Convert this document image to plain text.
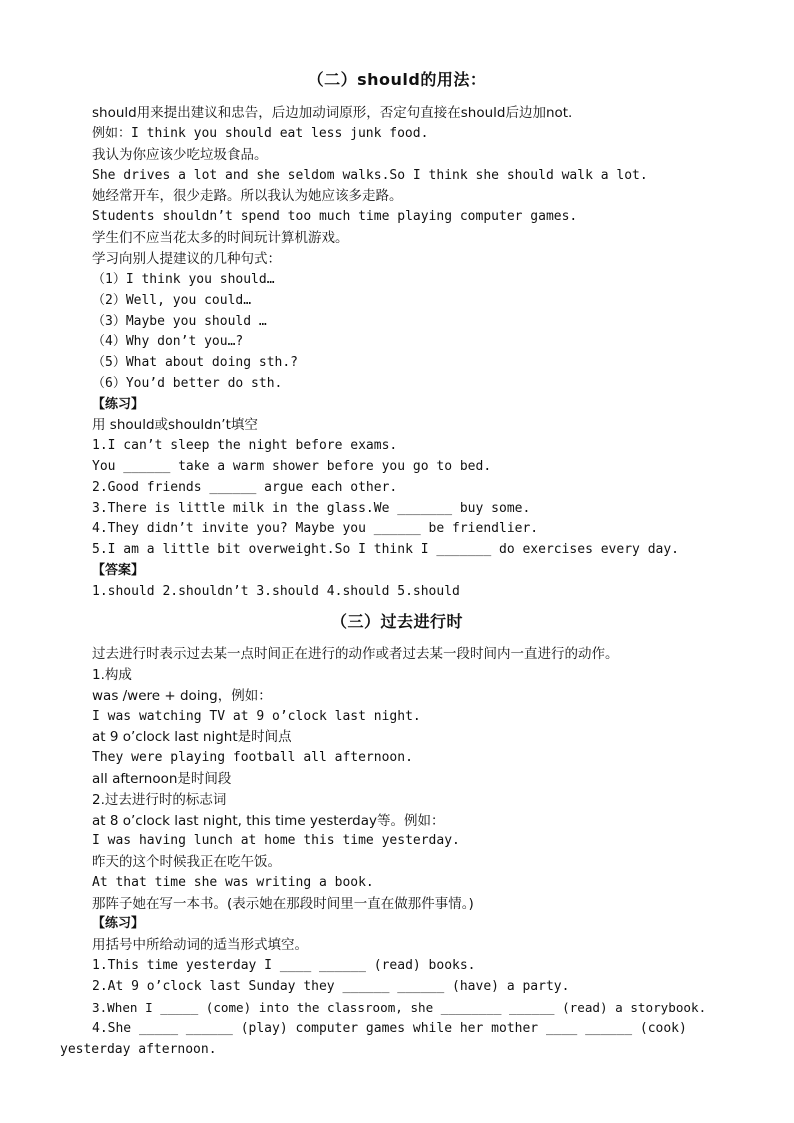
（二）should的用法：
should用来提出建议和忠告，后边加动词原形，否定句直接在should后边加not.
例如：I think you should eat less junk food.
我认为你应该少吃垃圾食品。
She drives a lot and she seldom walks.So I think she should walk a lot.
她经常开车，很少走路。所以我认为她应该多走路。
Students shouldn’t spend too much time playing computer games.
学生们不应当花太多的时间玩计算机游戏。
学习向别人提建议的几种句式：
（1）I think you should…
（2）Well, you could…
（3）Maybe you should …
（4）Why don’t you…?
（5）What about doing sth.?
（6）You’d better do sth.
【练习】
用 should或shouldn’t填空
1.I can’t sleep the night before exams.
You ______ take a warm shower before you go to bed.
2.Good friends ______ argue each other.
3.There is little milk in the glass.We _______ buy some.
4.They didn’t invite you? Maybe you ______ be friendlier.
5.I am a little bit overweight.So I think I _______ do exercises every day.
【答案】
1.should 2.shouldn’t 3.should 4.should 5.should
（三）过去进行时
过去进行时表示过去某一点时间正在进行的动作或者过去某一段时间内一直进行的动作。
1.构成
was /were + doing，例如：
I was watching TV at 9 o’clock last night.
at 9 o’clock last night是时间点
They were playing football all afternoon.
all afternoon是时间段
2.过去进行时的标志词
at 8 o’clock last night, this time yesterday等。例如：
I was having lunch at home this time yesterday.
昨天的这个时候我正在吃午饭。
At that time she was writing a book.
那阵子她在写一本书。(表示她在那段时间里一直在做那件事情。)
【练习】
用括号中所给动词的适当形式填空。
1.This time yesterday I ____ ______ (read) books.
2.At 9 o’clock last Sunday they ______ ______ (have) a party.
3.When I _____ (come) into the classroom, she ________ ______ (read) a storybook.
4.She _____ ______ (play) computer games while her mother ____ ______ (cook)
yesterday afternoon.
